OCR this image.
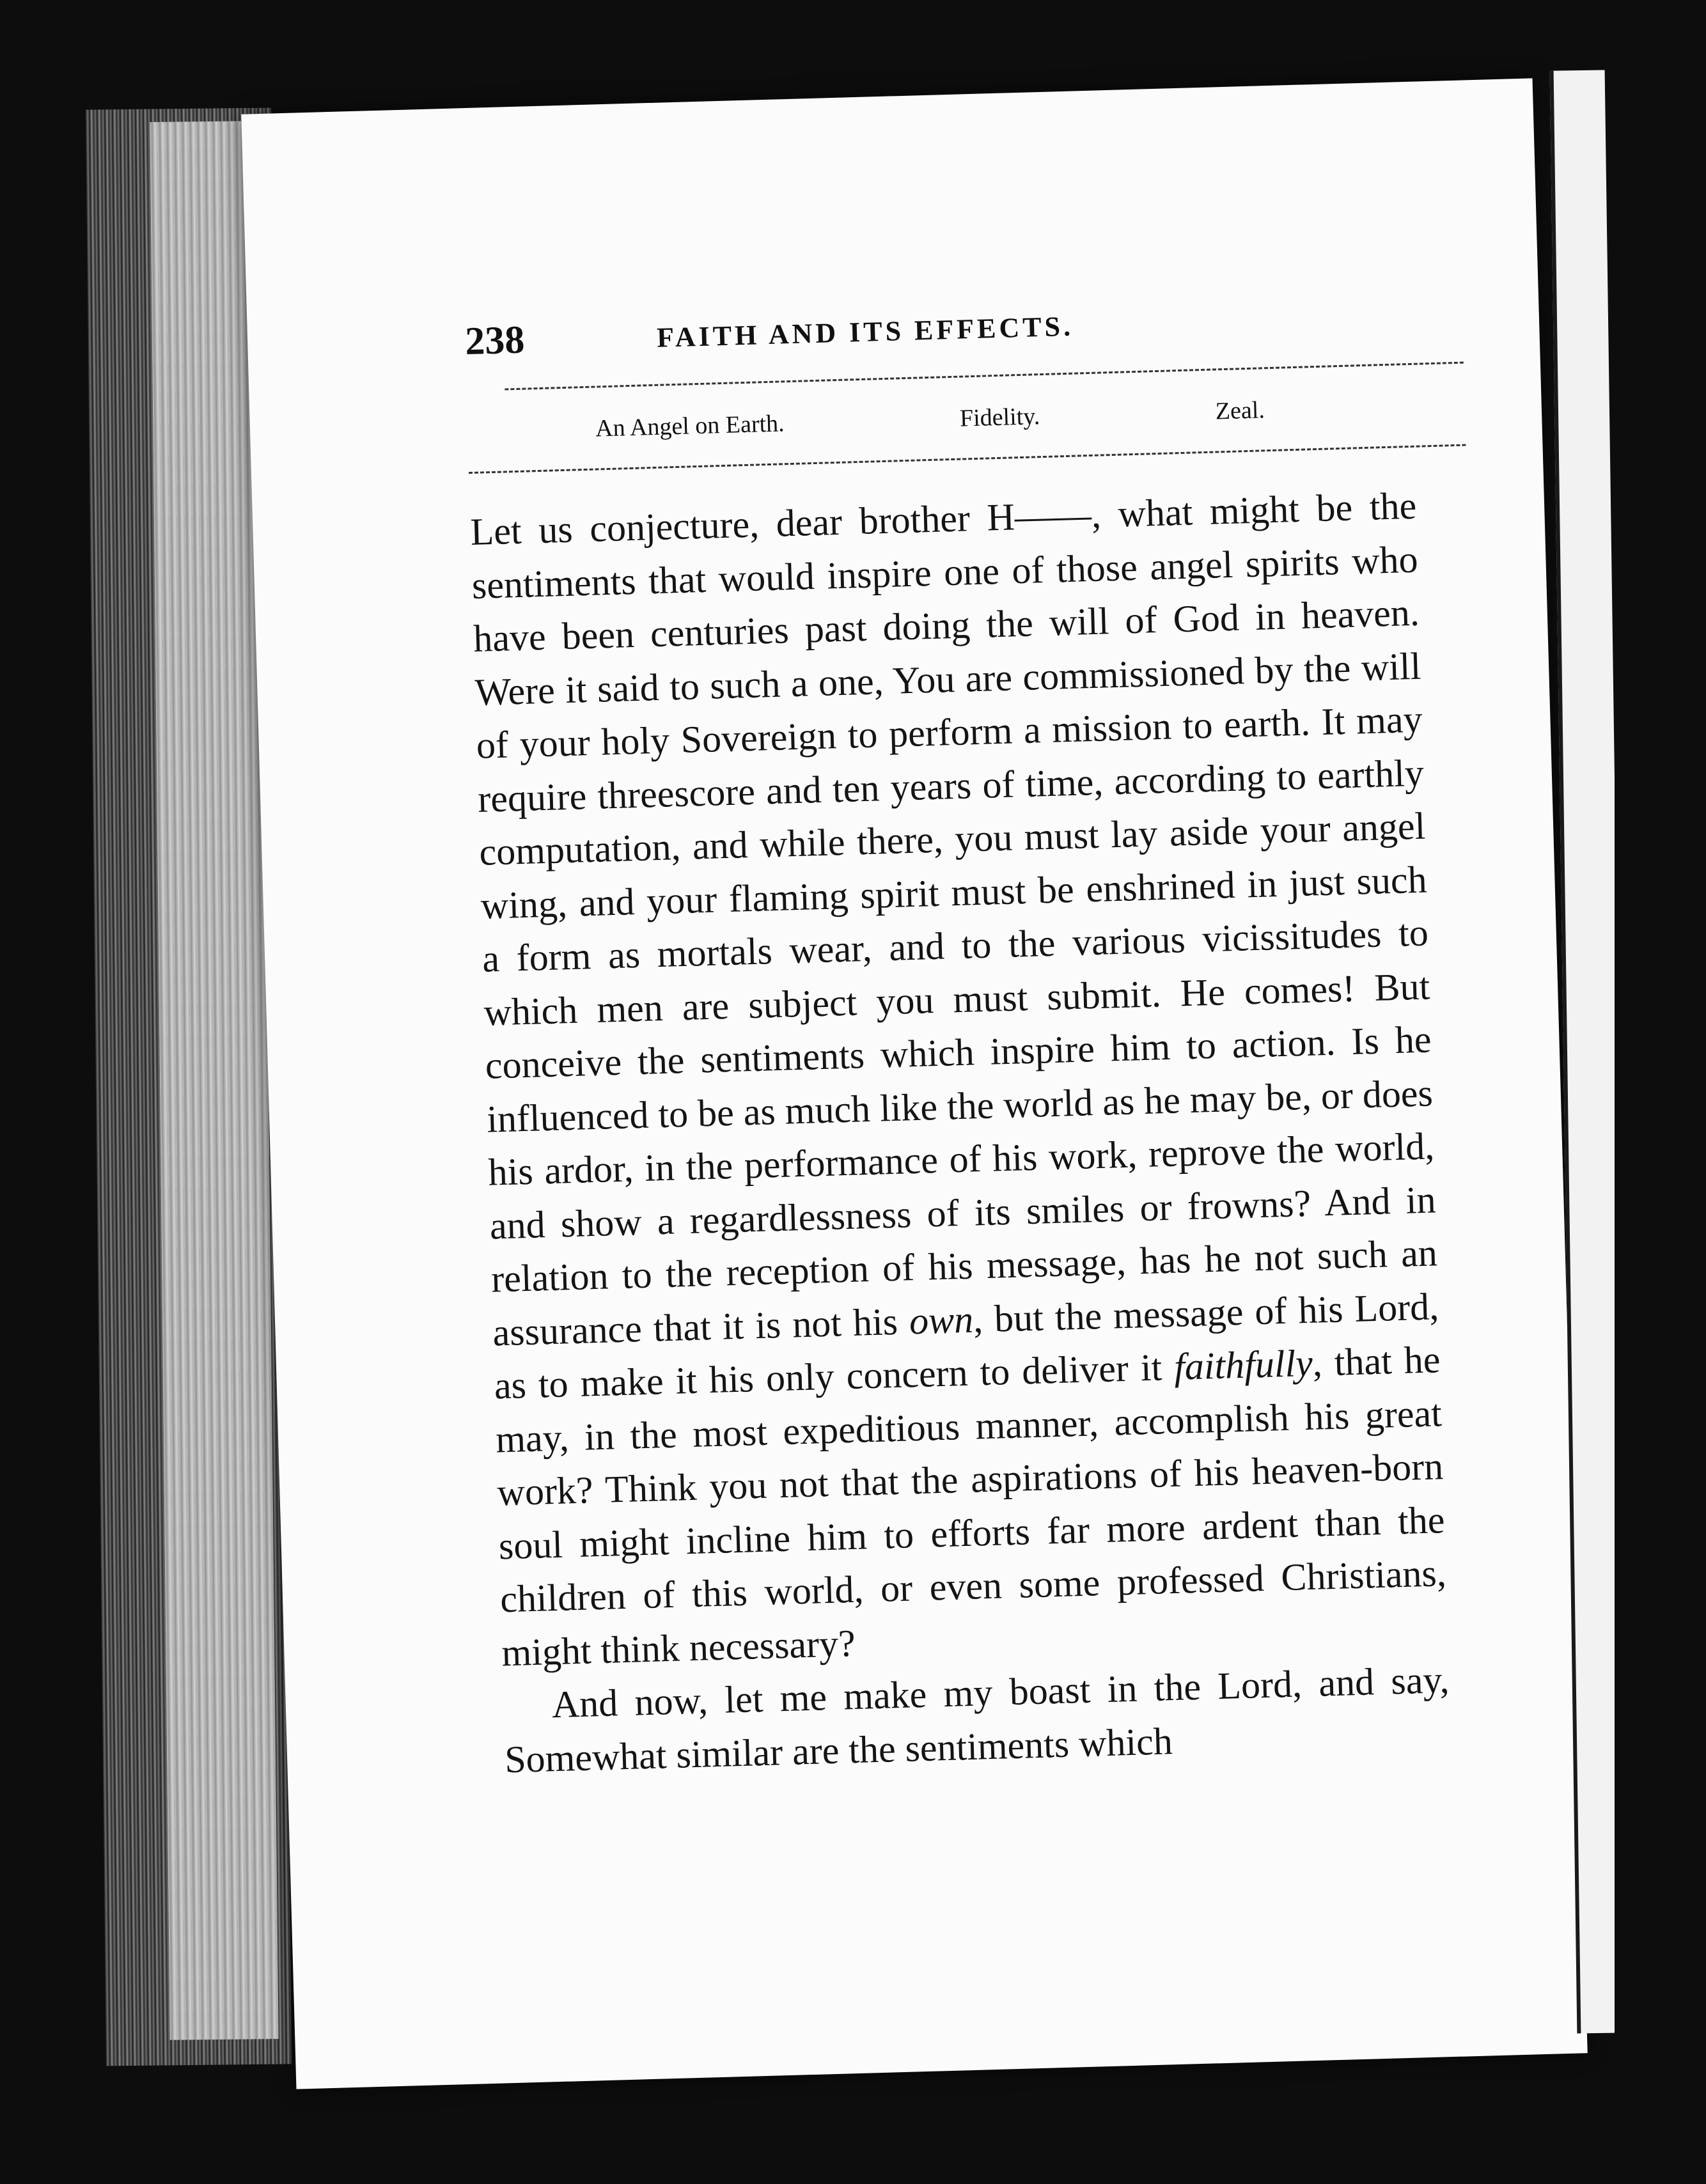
238	FAITH AND ITS EFFECTS.
An Angel on Earth.	Fidelity.	Zeal.

Let us conjecture, dear brother H——, what might be the sentiments that would inspire one of those angel spirits who have been centuries past doing the will of God in heaven. Were it said to such a one, You are commissioned by the will of your holy Sovereign to perform a mission to earth. It may require threescore and ten years of time, according to earthly computation, and while there, you must lay aside your angel wing, and your flaming spirit must be enshrined in just such a form as mortals wear, and to the various vicissitudes to which men are subject you must submit. He comes! But conceive the sentiments which inspire him to action. Is he influenced to be as much like the world as he may be, or does his ardor, in the performance of his work, reprove the world, and show a regardlessness of its smiles or frowns? And in relation to the reception of his message, has he not such an assurance that it is not his own, but the message of his Lord, as to make it his only concern to deliver it faithfully, that he may, in the most expeditious manner, accomplish his great work? Think you not that the aspirations of his heaven-born soul might incline him to efforts far more ardent than the children of this world, or even some professed Christians, might think necessary?

And now, let me make my boast in the Lord, and say, Somewhat similar are the sentiments which
